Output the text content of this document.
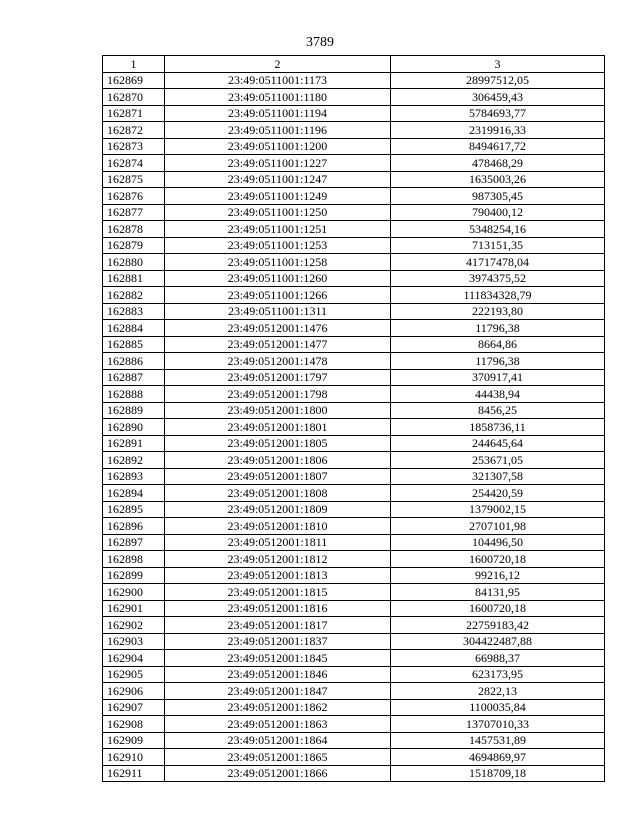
3789
1	2	3
162869	23:49:0511001:1173	28997512,05
162870	23:49:0511001:1180	306459,43
162871	23:49:0511001:1194	5784693,77
162872	23:49:0511001:1196	2319916,33
162873	23:49:0511001:1200	8494617,72
162874	23:49:0511001:1227	478468,29
162875	23:49:0511001:1247	1635003,26
162876	23:49:0511001:1249	987305,45
162877	23:49:0511001:1250	790400,12
162878	23:49:0511001:1251	5348254,16
162879	23:49:0511001:1253	713151,35
162880	23:49:0511001:1258	41717478,04
162881	23:49:0511001:1260	3974375,52
162882	23:49:0511001:1266	111834328,79
162883	23:49:0511001:1311	222193,80
162884	23:49:0512001:1476	11796,38
162885	23:49:0512001:1477	8664,86
162886	23:49:0512001:1478	11796,38
162887	23:49:0512001:1797	370917,41
162888	23:49:0512001:1798	44438,94
162889	23:49:0512001:1800	8456,25
162890	23:49:0512001:1801	1858736,11
162891	23:49:0512001:1805	244645,64
162892	23:49:0512001:1806	253671,05
162893	23:49:0512001:1807	321307,58
162894	23:49:0512001:1808	254420,59
162895	23:49:0512001:1809	1379002,15
162896	23:49:0512001:1810	2707101,98
162897	23:49:0512001:1811	104496,50
162898	23:49:0512001:1812	1600720,18
162899	23:49:0512001:1813	99216,12
162900	23:49:0512001:1815	84131,95
162901	23:49:0512001:1816	1600720,18
162902	23:49:0512001:1817	22759183,42
162903	23:49:0512001:1837	304422487,88
162904	23:49:0512001:1845	66988,37
162905	23:49:0512001:1846	623173,95
162906	23:49:0512001:1847	2822,13
162907	23:49:0512001:1862	1100035,84
162908	23:49:0512001:1863	13707010,33
162909	23:49:0512001:1864	1457531,89
162910	23:49:0512001:1865	4694869,97
162911	23:49:0512001:1866	1518709,18
